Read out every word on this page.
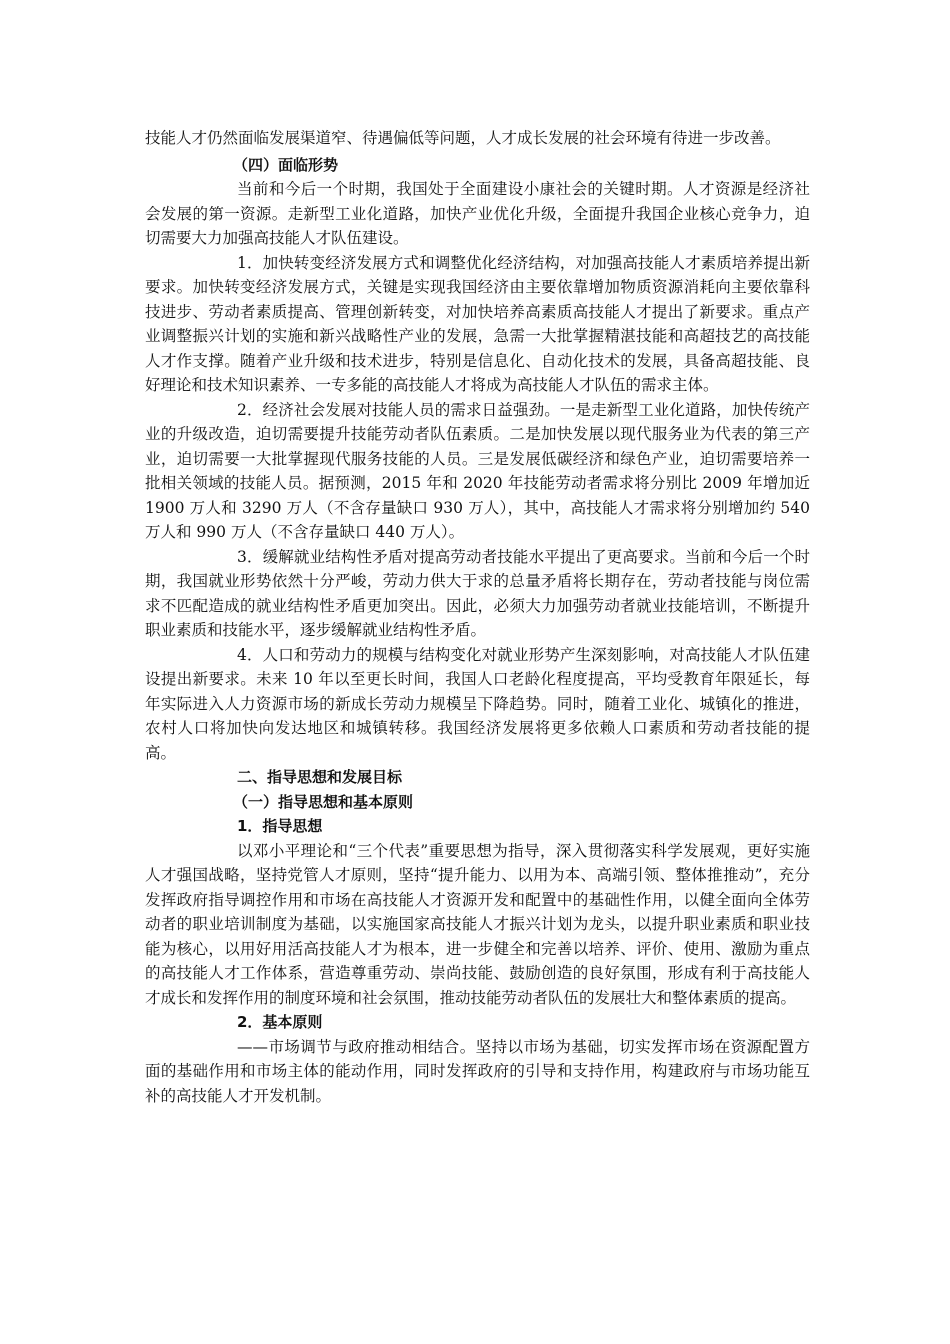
技能人才仍然面临发展渠道窄、待遇偏低等问题，人才成长发展的社会环境有待进一步改善。

（四）面临形势

当前和今后一个时期，我国处于全面建设小康社会的关键时期。人才资源是经济社会发展的第一资源。走新型工业化道路，加快产业优化升级，全面提升我国企业核心竞争力，迫切需要大力加强高技能人才队伍建设。

1．加快转变经济发展方式和调整优化经济结构，对加强高技能人才素质培养提出新要求。加快转变经济发展方式，关键是实现我国经济由主要依靠增加物质资源消耗向主要依靠科技进步、劳动者素质提高、管理创新转变，对加快培养高素质高技能人才提出了新要求。重点产业调整振兴计划的实施和新兴战略性产业的发展，急需一大批掌握精湛技能和高超技艺的高技能人才作支撑。随着产业升级和技术进步，特别是信息化、自动化技术的发展，具备高超技能、良好理论和技术知识素养、一专多能的高技能人才将成为高技能人才队伍的需求主体。

2．经济社会发展对技能人员的需求日益强劲。一是走新型工业化道路，加快传统产业的升级改造，迫切需要提升技能劳动者队伍素质。二是加快发展以现代服务业为代表的第三产业，迫切需要一大批掌握现代服务技能的人员。三是发展低碳经济和绿色产业，迫切需要培养一批相关领域的技能人员。据预测，2015 年和 2020 年技能劳动者需求将分别比 2009 年增加近 1900 万人和 3290 万人（不含存量缺口 930 万人），其中，高技能人才需求将分别增加约 540 万人和 990 万人（不含存量缺口 440 万人）。

3．缓解就业结构性矛盾对提高劳动者技能水平提出了更高要求。当前和今后一个时期，我国就业形势依然十分严峻，劳动力供大于求的总量矛盾将长期存在，劳动者技能与岗位需求不匹配造成的就业结构性矛盾更加突出。因此，必须大力加强劳动者就业技能培训，不断提升职业素质和技能水平，逐步缓解就业结构性矛盾。

4．人口和劳动力的规模与结构变化对就业形势产生深刻影响，对高技能人才队伍建设提出新要求。未来 10 年以至更长时间，我国人口老龄化程度提高，平均受教育年限延长，每年实际进入人力资源市场的新成长劳动力规模呈下降趋势。同时，随着工业化、城镇化的推进，农村人口将加快向发达地区和城镇转移。我国经济发展将更多依赖人口素质和劳动者技能的提高。

二、指导思想和发展目标

（一）指导思想和基本原则

1．指导思想

以邓小平理论和“三个代表”重要思想为指导，深入贯彻落实科学发展观，更好实施人才强国战略，坚持党管人才原则，坚持“提升能力、以用为本、高端引领、整体推推动”，充分发挥政府指导调控作用和市场在高技能人才资源开发和配置中的基础性作用，以健全面向全体劳动者的职业培训制度为基础，以实施国家高技能人才振兴计划为龙头，以提升职业素质和职业技能为核心，以用好用活高技能人才为根本，进一步健全和完善以培养、评价、使用、激励为重点的高技能人才工作体系，营造尊重劳动、崇尚技能、鼓励创造的良好氛围，形成有利于高技能人才成长和发挥作用的制度环境和社会氛围，推动技能劳动者队伍的发展壮大和整体素质的提高。

2．基本原则

——市场调节与政府推动相结合。坚持以市场为基础，切实发挥市场在资源配置方面的基础作用和市场主体的能动作用，同时发挥政府的引导和支持作用，构建政府与市场功能互补的高技能人才开发机制。
